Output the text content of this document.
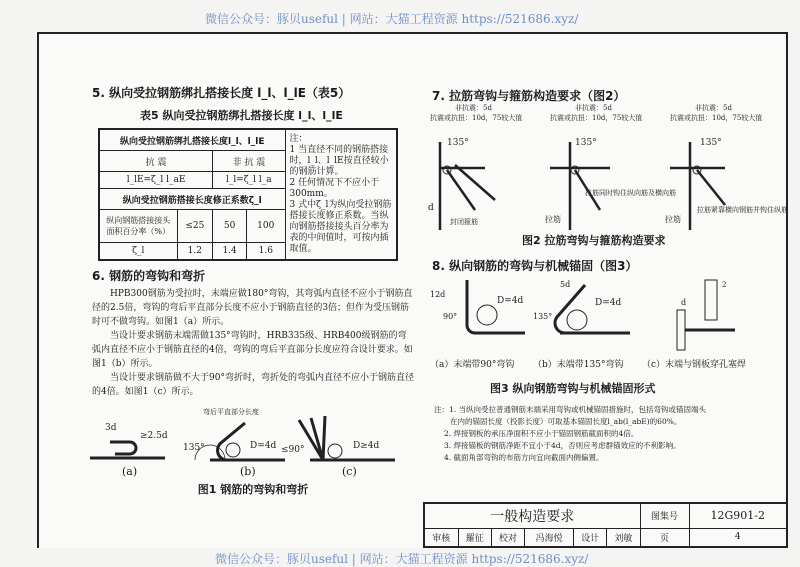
微信公众号：豚贝useful | 网站：大猫工程资源 https://521686.xyz/
5. 纵向受拉钢筋绑扎搭接长度 l_l、l_lE（表5）
表5 纵向受拉钢筋绑扎搭接长度 l_l、l_lE
纵向受拉钢筋绑扎搭接长度l_l、l_lE				注：
1 当直径不同的钢筋搭接时，l_l、l_lE按直径较小的钢筋计算。
2 任何情况下不应小于300mm。
3 式中ζ_l为纵向受拉钢筋搭接长度修正系数。当纵向钢筋搭接接头百分率为表的中间值时，可按内插取值。

抗 震		非 抗 震		
l_lE=ζ_l l_aE		l_l=ζ_l l_a		
纵向受拉钢筋搭接长度修正系数ζ_l				
纵向钢筋搭接接头面积百分率（%）	≤25	50	100	
ζ_l	1.2	1.4	1.6	
6. 钢筋的弯钩和弯折

HPB300钢筋为受拉时，末端应做180°弯钩，其弯弧内直径不应小于钢筋直径的2.5倍，弯钩的弯后平直部分长度不应小于钢筋直径的3倍；但作为受压钢筋时可不做弯钩。如图1（a）所示。

当设计要求钢筋末端需做135°弯钩时，HRB335级、HRB400级钢筋的弯弧内直径不应小于钢筋直径的4倍，弯钩的弯后平直部分长度应符合设计要求。如图1（b）所示。

当设计要求钢筋做不大于90°弯折时，弯折处的弯弧内直径不应小于钢筋直径的4倍。如图1（c）所示。

3d
≥2.5d
135°	D=4d
弯后平直部分长度
≤90°	D≥4d
(a)	(b)	(c)
图1 钢筋的弯钩和弯折
7. 拉筋弯钩与箍筋构造要求（图2）
非抗震：5d
抗震或抗扭：10d，75较大值
非抗震：5d
抗震或抗扭：10d，75较大值
非抗震：5d
抗震或抗扭：10d，75较大值
135°
d
封闭箍筋
135°
拉筋
拉筋同时钩住纵向筋及横向筋
135°
拉筋
拉筋紧靠横向钢筋并钩住纵筋
图2 拉筋弯钩与箍筋构造要求
8. 纵向钢筋的弯钩与机械锚固（图3）
12d
90°
D=4d
135°
5d
D=4d	d
2
（a）末端带90°弯钩 （b）末端带135°弯钩 （c）末端与钢板穿孔塞焊
图3 纵向钢筋弯钩与机械锚固形式
注：1. 当纵向受拉普通钢筋末端采用弯钩或机械锚固措施时，包括弯钩或锚固端头
在内的锚固长度（投影长度）可取基本锚固长度l_ab(l_abE)的60%。
2. 焊接钢板的承压净面积不应小于锚固钢筋截面积的4倍。
3. 焊接锚板的钢筋净距不宜小于4d，否则应考虑群锚效应的不利影响。
4. 截面角部弯钩的布筋方向宜向截面内侧偏置。
一般构造要求						图集号	12G901-2
审核	羅征	校对	冯海悦	设计	刘敏	页	4
微信公众号：豚贝useful | 网站：大猫工程资源 https://521686.xyz/
